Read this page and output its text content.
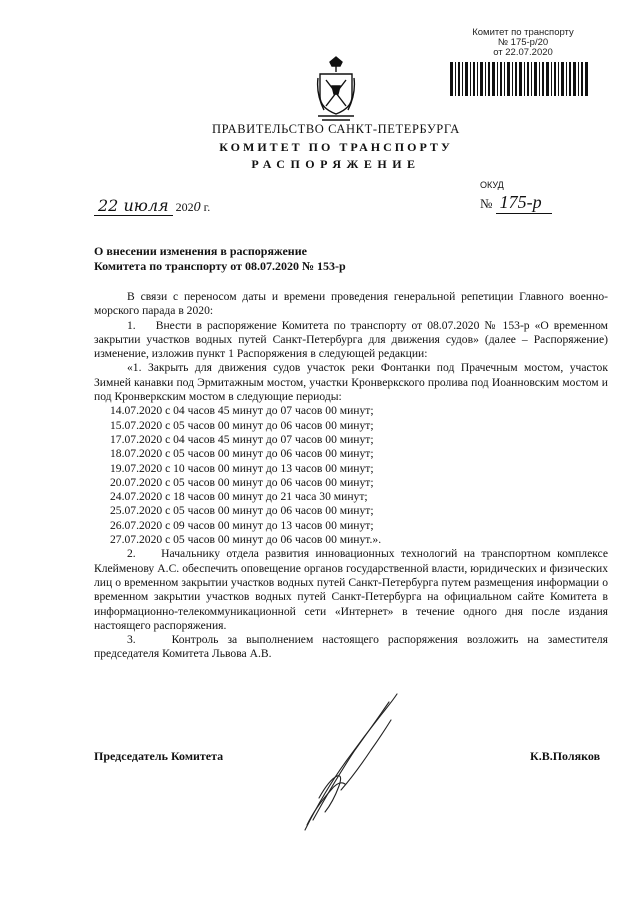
Комитет по транспорту
№ 175-р/20
от 22.07.2020
ПРАВИТЕЛЬСТВО САНКТ-ПЕТЕРБУРГА
КОМИТЕТ ПО ТРАНСПОРТУ
РАСПОРЯЖЕНИЕ
ОКУД
22 июля 2020 г.	№ 175-р
О внесении изменения в распоряжение
Комитета по транспорту от 08.07.2020 № 153-р

В связи с переносом даты и времени проведения генеральной репетиции Главного военно-морского парада в 2020:

1.    Внести в распоряжение Комитета по транспорту от 08.07.2020 № 153-р «О временном закрытии участков водных путей Санкт-Петербурга для движения судов» (далее – Распоряжение) изменение, изложив пункт 1 Распоряжения в следующей редакции:

«1. Закрыть для движения судов участок реки Фонтанки под Прачечным мостом, участок Зимней канавки под Эрмитажным мостом, участки Кронверкского пролива под Иоанновским мостом и под Кронверкским мостом в следующие периоды:

14.07.2020 с 04 часов 45 минут до 07 часов 00 минут;
15.07.2020 с 05 часов 00 минут до 06 часов 00 минут;
17.07.2020 с 04 часов 45 минут до 07 часов 00 минут;
18.07.2020 с 05 часов 00 минут до 06 часов 00 минут;
19.07.2020 с 10 часов 00 минут до 13 часов 00 минут;
20.07.2020 с 05 часов 00 минут до 06 часов 00 минут;
24.07.2020 с 18 часов 00 минут до 21 часа 30 минут;
25.07.2020 с 05 часов 00 минут до 06 часов 00 минут;
26.07.2020 с 09 часов 00 минут до 13 часов 00 минут;
27.07.2020 с 05 часов 00 минут до 06 часов 00 минут.».

2.    Начальнику отдела развития инновационных технологий на транспортном комплексе Клейменову А.С. обеспечить оповещение органов государственной власти, юридических и физических лиц о временном закрытии участков водных путей Санкт-Петербурга путем размещения информации о временном закрытии участков водных путей Санкт-Петербурга на официальном сайте Комитета в информационно-телекоммуникационной сети «Интернет» в течение одного дня после издания настоящего распоряжения.

3.    Контроль за выполнением настоящего распоряжения возложить на заместителя председателя Комитета Львова А.В.

Председатель Комитета	К.В.Поляков
